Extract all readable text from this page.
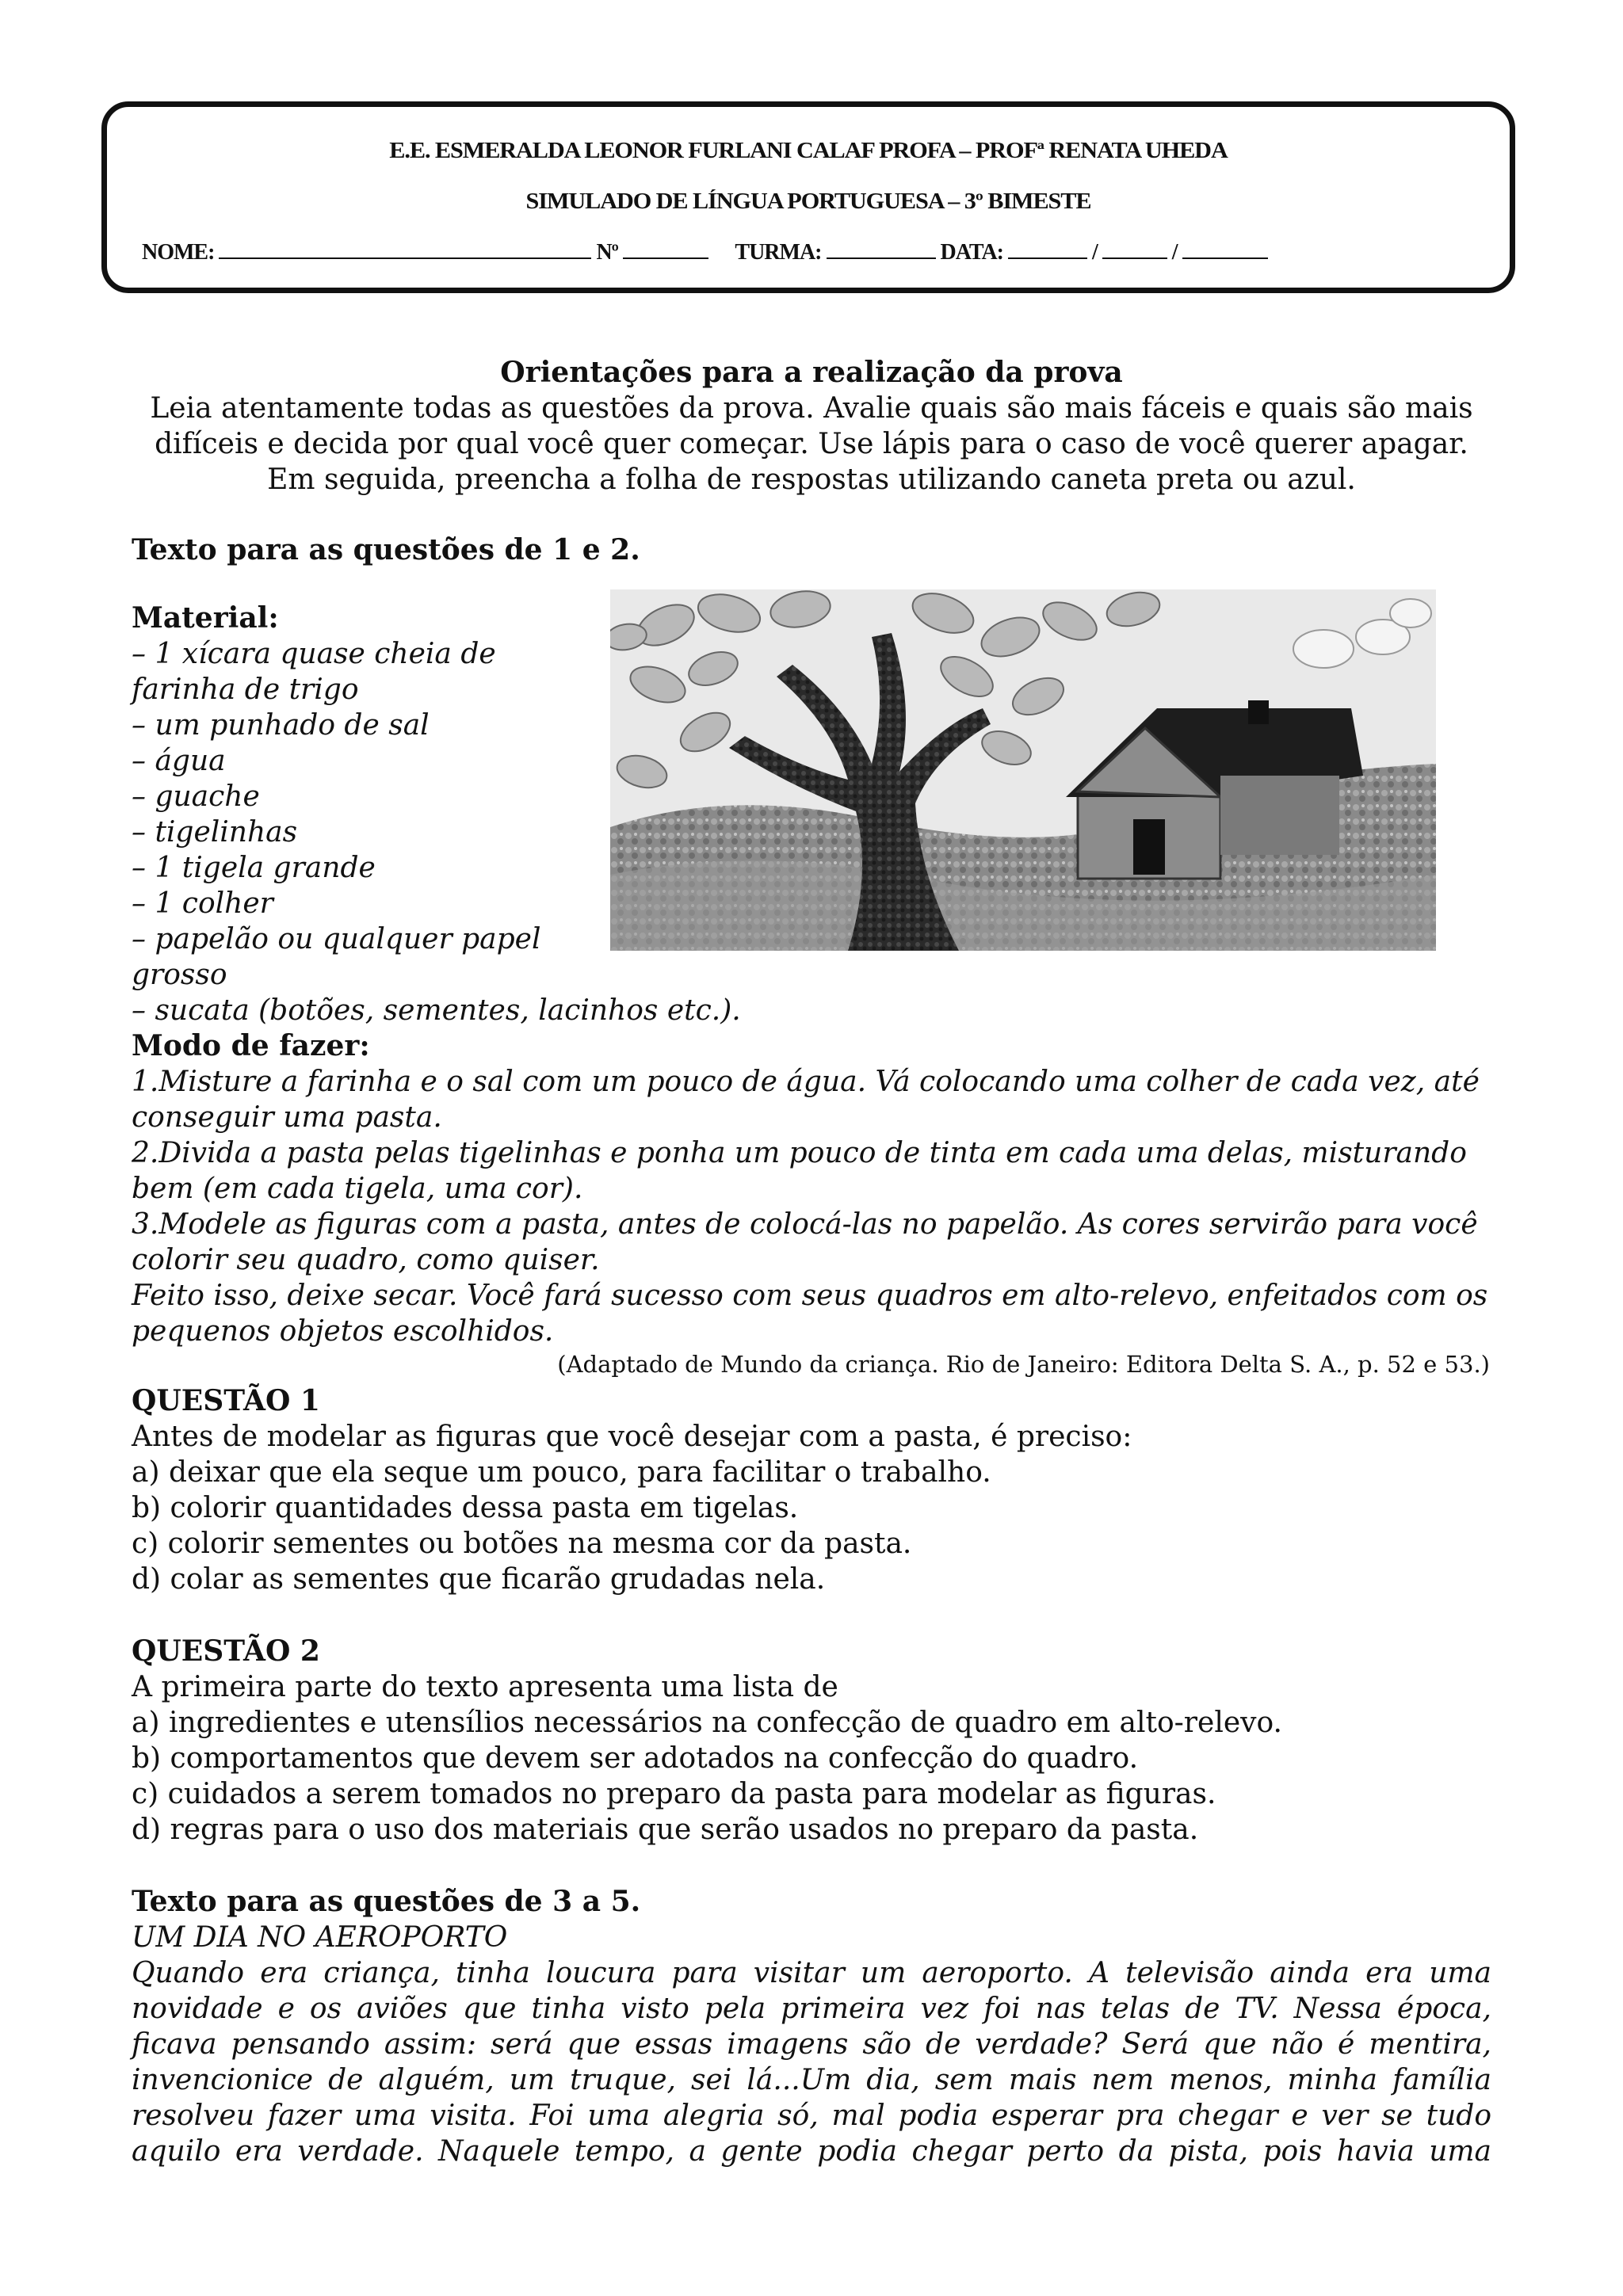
E.E. ESMERALDA LEONOR FURLANI CALAF PROFA – PROFª RENATA UHEDA
SIMULADO DE LÍNGUA PORTUGUESA – 3º BIMESTE
NOME:	Nº	TURMA:	DATA:	/	/

Orientações para a realização da prova

Leia atentamente todas as questões da prova. Avalie quais são mais fáceis e quais são mais

difíceis e decida por qual você quer começar. Use lápis para o caso de você querer apagar.

Em seguida, preencha a folha de respostas utilizando caneta preta ou azul.

Texto para as questões de 1 e 2.

Material:

– 1 xícara quase cheia de

farinha de trigo

– um punhado de sal

– água

– guache

– tigelinhas

– 1 tigela grande

– 1 colher

– papelão ou qualquer papel

grosso

– sucata (botões, sementes, lacinhos etc.).

Modo de fazer:

1.Misture a farinha e o sal com um pouco de água. Vá colocando uma colher de cada vez, até conseguir uma pasta.

2.Divida a pasta pelas tigelinhas e ponha um pouco de tinta em cada uma delas, misturando bem (em cada tigela, uma cor).

3.Modele as figuras com a pasta, antes de colocá-las no papelão. As cores servirão para você colorir seu quadro, como quiser.

Feito isso, deixe secar. Você fará sucesso com seus quadros em alto-relevo, enfeitados com os pequenos objetos escolhidos.

(Adaptado de Mundo da criança. Rio de Janeiro: Editora Delta S. A., p. 52 e 53.)

QUESTÃO 1

Antes de modelar as figuras que você desejar com a pasta, é preciso:

a) deixar que ela seque um pouco, para facilitar o trabalho.

b) colorir quantidades dessa pasta em tigelas.

c) colorir sementes ou botões na mesma cor da pasta.

d) colar as sementes que ficarão grudadas nela.

QUESTÃO 2

A primeira parte do texto apresenta uma lista de

a) ingredientes e utensílios necessários na confecção de quadro em alto-relevo.

b) comportamentos que devem ser adotados na confecção do quadro.

c) cuidados a serem tomados no preparo da pasta para modelar as figuras.

d) regras para o uso dos materiais que serão usados no preparo da pasta.

Texto para as questões de 3 a 5.

UM DIA NO AEROPORTO

Quando era criança, tinha loucura para visitar um aeroporto. A televisão ainda era uma

novidade e os aviões que tinha visto pela primeira vez foi nas telas de TV. Nessa época,

ficava pensando assim: será que essas imagens são de verdade? Será que não é mentira,

invencionice de alguém, um truque, sei lá...Um dia, sem mais nem menos, minha família

resolveu fazer uma visita. Foi uma alegria só, mal podia esperar pra chegar e ver se tudo

aquilo era verdade. Naquele tempo, a gente podia chegar perto da pista, pois havia uma
